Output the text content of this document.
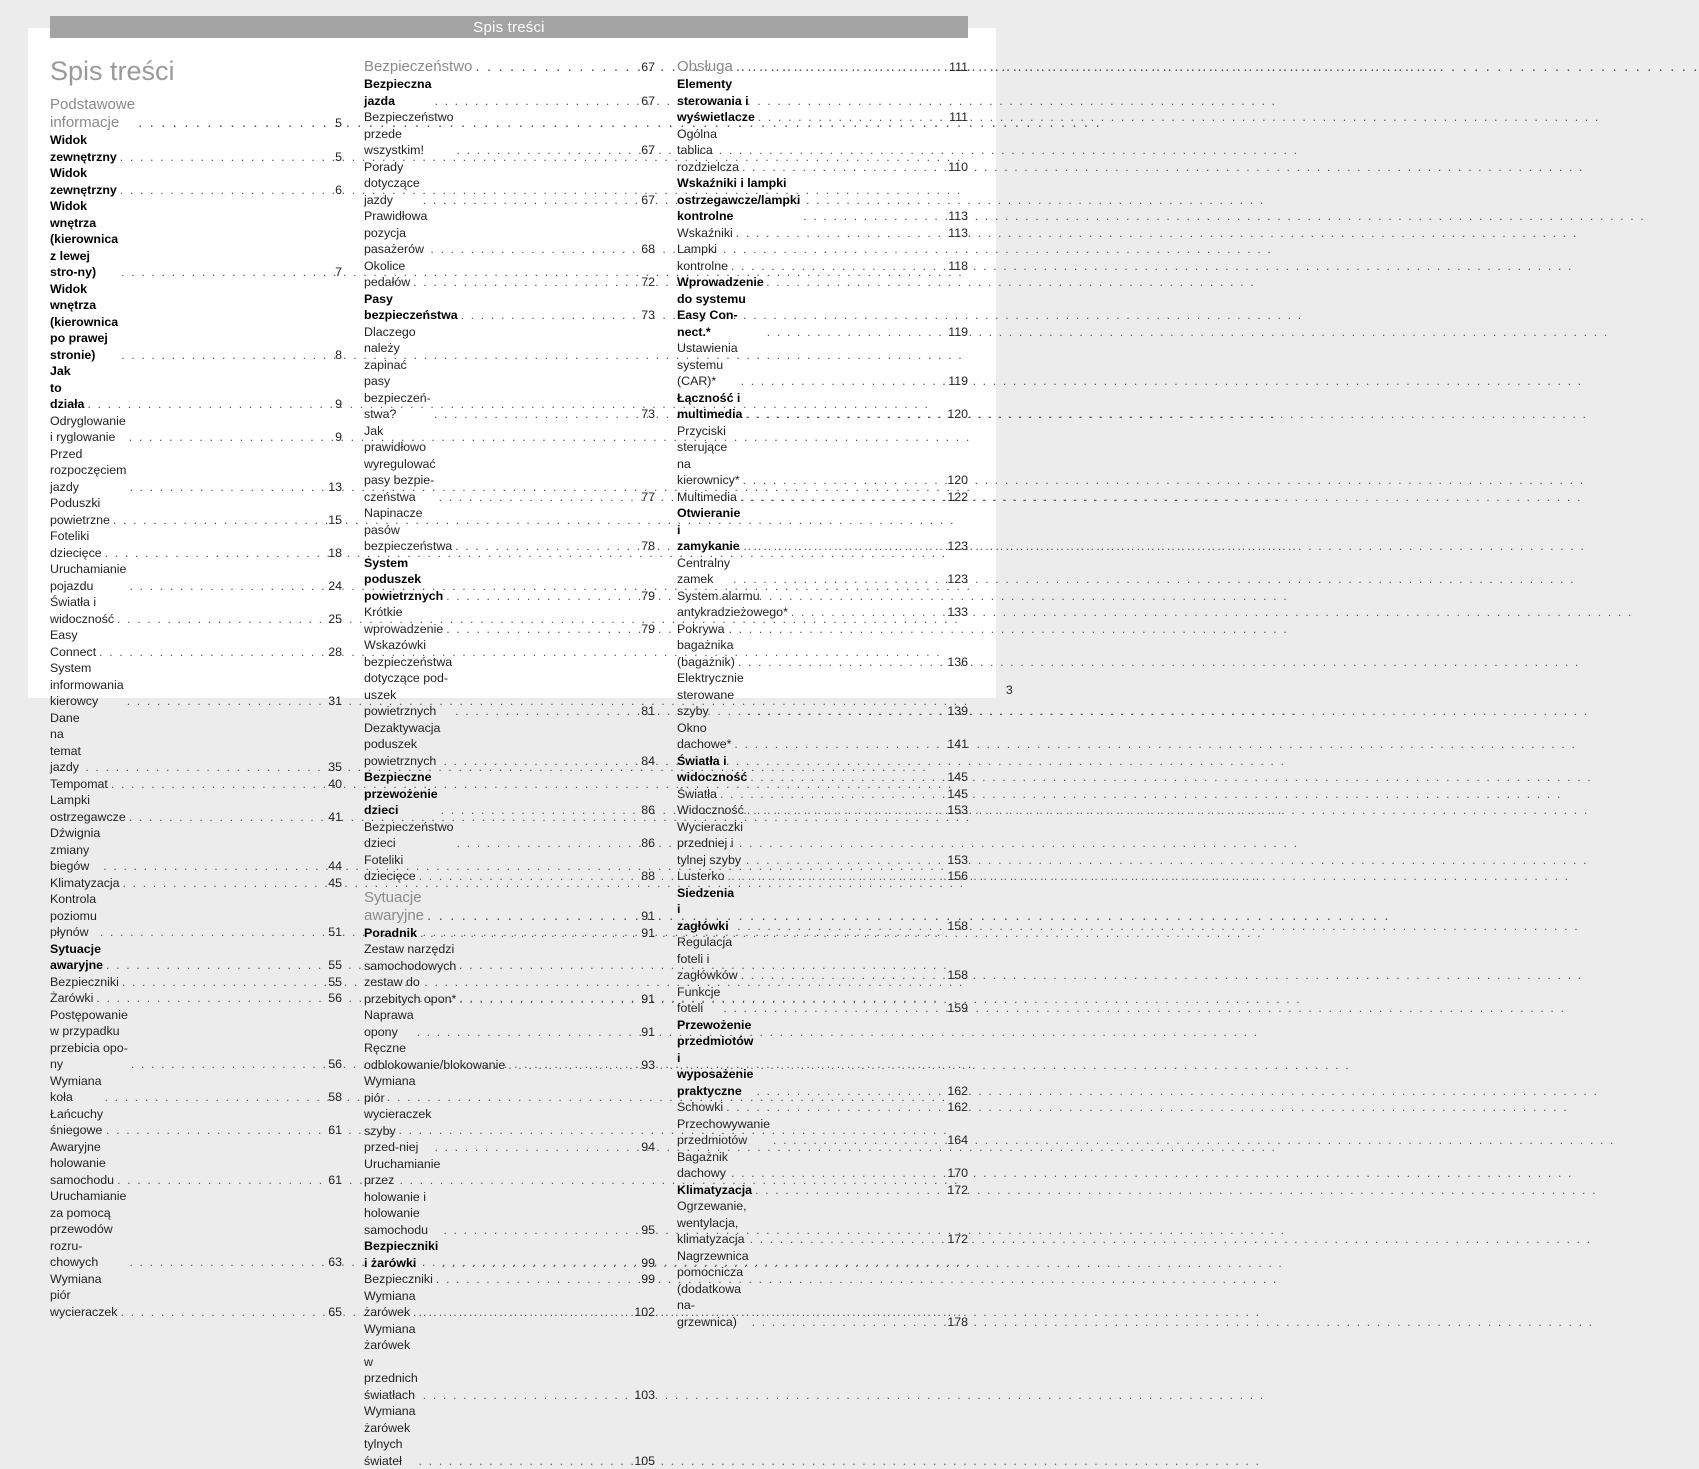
Spis treści
Spis treści
Podstawowe informacje . . .	5
Widok zewnętrzny . . .	5
Widok zewnętrzny . . .	6
Widok wnętrza (kierownica z lewej stro-ny) . . .	7
Widok wnętrza (kierownica po prawej stronie) . . .	8
Jak to działa . . .	9
Odryglowanie i ryglowanie . . .	9
Przed rozpoczęciem jazdy . . .	13
Poduszki powietrzne . . .	15
Foteliki dziecięce . . .	18
Uruchamianie pojazdu . . .	24
Światła i widoczność . . .	25
Easy Connect . . .	28
System informowania kierowcy . . .	31
Dane na temat jazdy . . .	35
Tempomat . . .	40
Lampki ostrzegawcze . . .	41
Dźwignia zmiany biegów . . .	44
Klimatyzacja . . .	45
Kontrola poziomu płynów . . .	51
Sytuacje awaryjne . . .	55
Bezpieczniki . . .	55
Żarówki . . .	56
Postępowanie w przypadku przebicia opo-ny . . .	56
Wymiana koła . . .	58
Łańcuchy śniegowe . . .	61
Awaryjne holowanie samochodu . . .	61
Uruchamianie za pomocą przewodów rozru-chowych . . .	63
Wymiana piór wycieraczek . . .	65
Bezpieczeństwo . . .	67
Bezpieczna jazda . . .	67
Bezpieczeństwo przede wszystkim! . . .	67
Porady dotyczące jazdy . . .	67
Prawidłowa pozycja pasażerów . . .	68
Okolice pedałów . . .	72
Pasy bezpieczeństwa . . .	73
Dlaczego należy zapinać pasy bezpieczeń-stwa? . . .	73
Jak prawidłowo wyregulować pasy bezpie-czeństwa . . .	77
Napinacze pasów bezpieczeństwa . . .	78
System poduszek powietrznych . . .	79
Krótkie wprowadzenie . . .	79
Wskazówki bezpieczeństwa dotyczące pod-uszek powietrznych . . .	81
Dezaktywacja poduszek powietrznych . . .	84
Bezpieczne przewożenie dzieci . . .	86
Bezpieczeństwo dzieci . . .	86
Foteliki dziecięce . . .	88
Sytuacje awaryjne . . .	91
Poradnik . . .	91
Zestaw narzędzi samochodowych zestaw do przebitych opon* . . .	91
Naprawa opony . . .	91
Ręczne odblokowanie/blokowanie . . .	93
Wymiana piór wycieraczek szyby przed-niej . . .	94
Uruchamianie przez holowanie i holowanie samochodu . . .	95
Bezpieczniki i żarówki . . .	99
Bezpieczniki . . .	99
Wymiana żarówek . . .	102
Wymiana żarówek w przednich światłach . . .	103
Wymiana żarówek tylnych świateł . . .	105
Obsługa . . .	111
Elementy sterowania i wyświetlacze . . .	111
Ogólna tablica rozdzielcza . . .	110
Wskaźniki i lampki ostrzegawcze/lampki kontrolne . . .	113
Wskaźniki . . .	113
Lampki kontrolne . . .	118
Wprowadzenie do systemu Easy Con-nect.* . . .	119
Ustawienia systemu (CAR)* . . .	119
Łączność i multimedia . . .	120
Przyciski sterujące na kierownicy* . . .	120
Multimedia . . .	122
Otwieranie i zamykanie . . .	123
Centralny zamek . . .	123
System alarmu antykradzieżowego* . . .	133
Pokrywa bagażnika (bagażnik) . . .	136
Elektrycznie sterowane szyby . . .	139
Okno dachowe* . . .	141
Światła i widoczność . . .	145
Światła . . .	145
Widoczność . . .	153
Wycieraczki przedniej i tylnej szyby . . .	153
Lusterko . . .	156
Siedzenia i zagłówki . . .	158
Regulacja foteli i zagłówków . . .	158
Funkcje foteli . . .	159
Przewożenie przedmiotów i wyposażenie praktyczne . . .	162
Schowki . . .	162
Przechowywanie przedmiotów . . .	164
Bagażnik dachowy . . .	170
Klimatyzacja . . .	172
Ogrzewanie, wentylacja, klimatyzacja . . .	172
Nagrzewnica pomocnicza (dodatkowa na-grzewnica) . . .	178
3
